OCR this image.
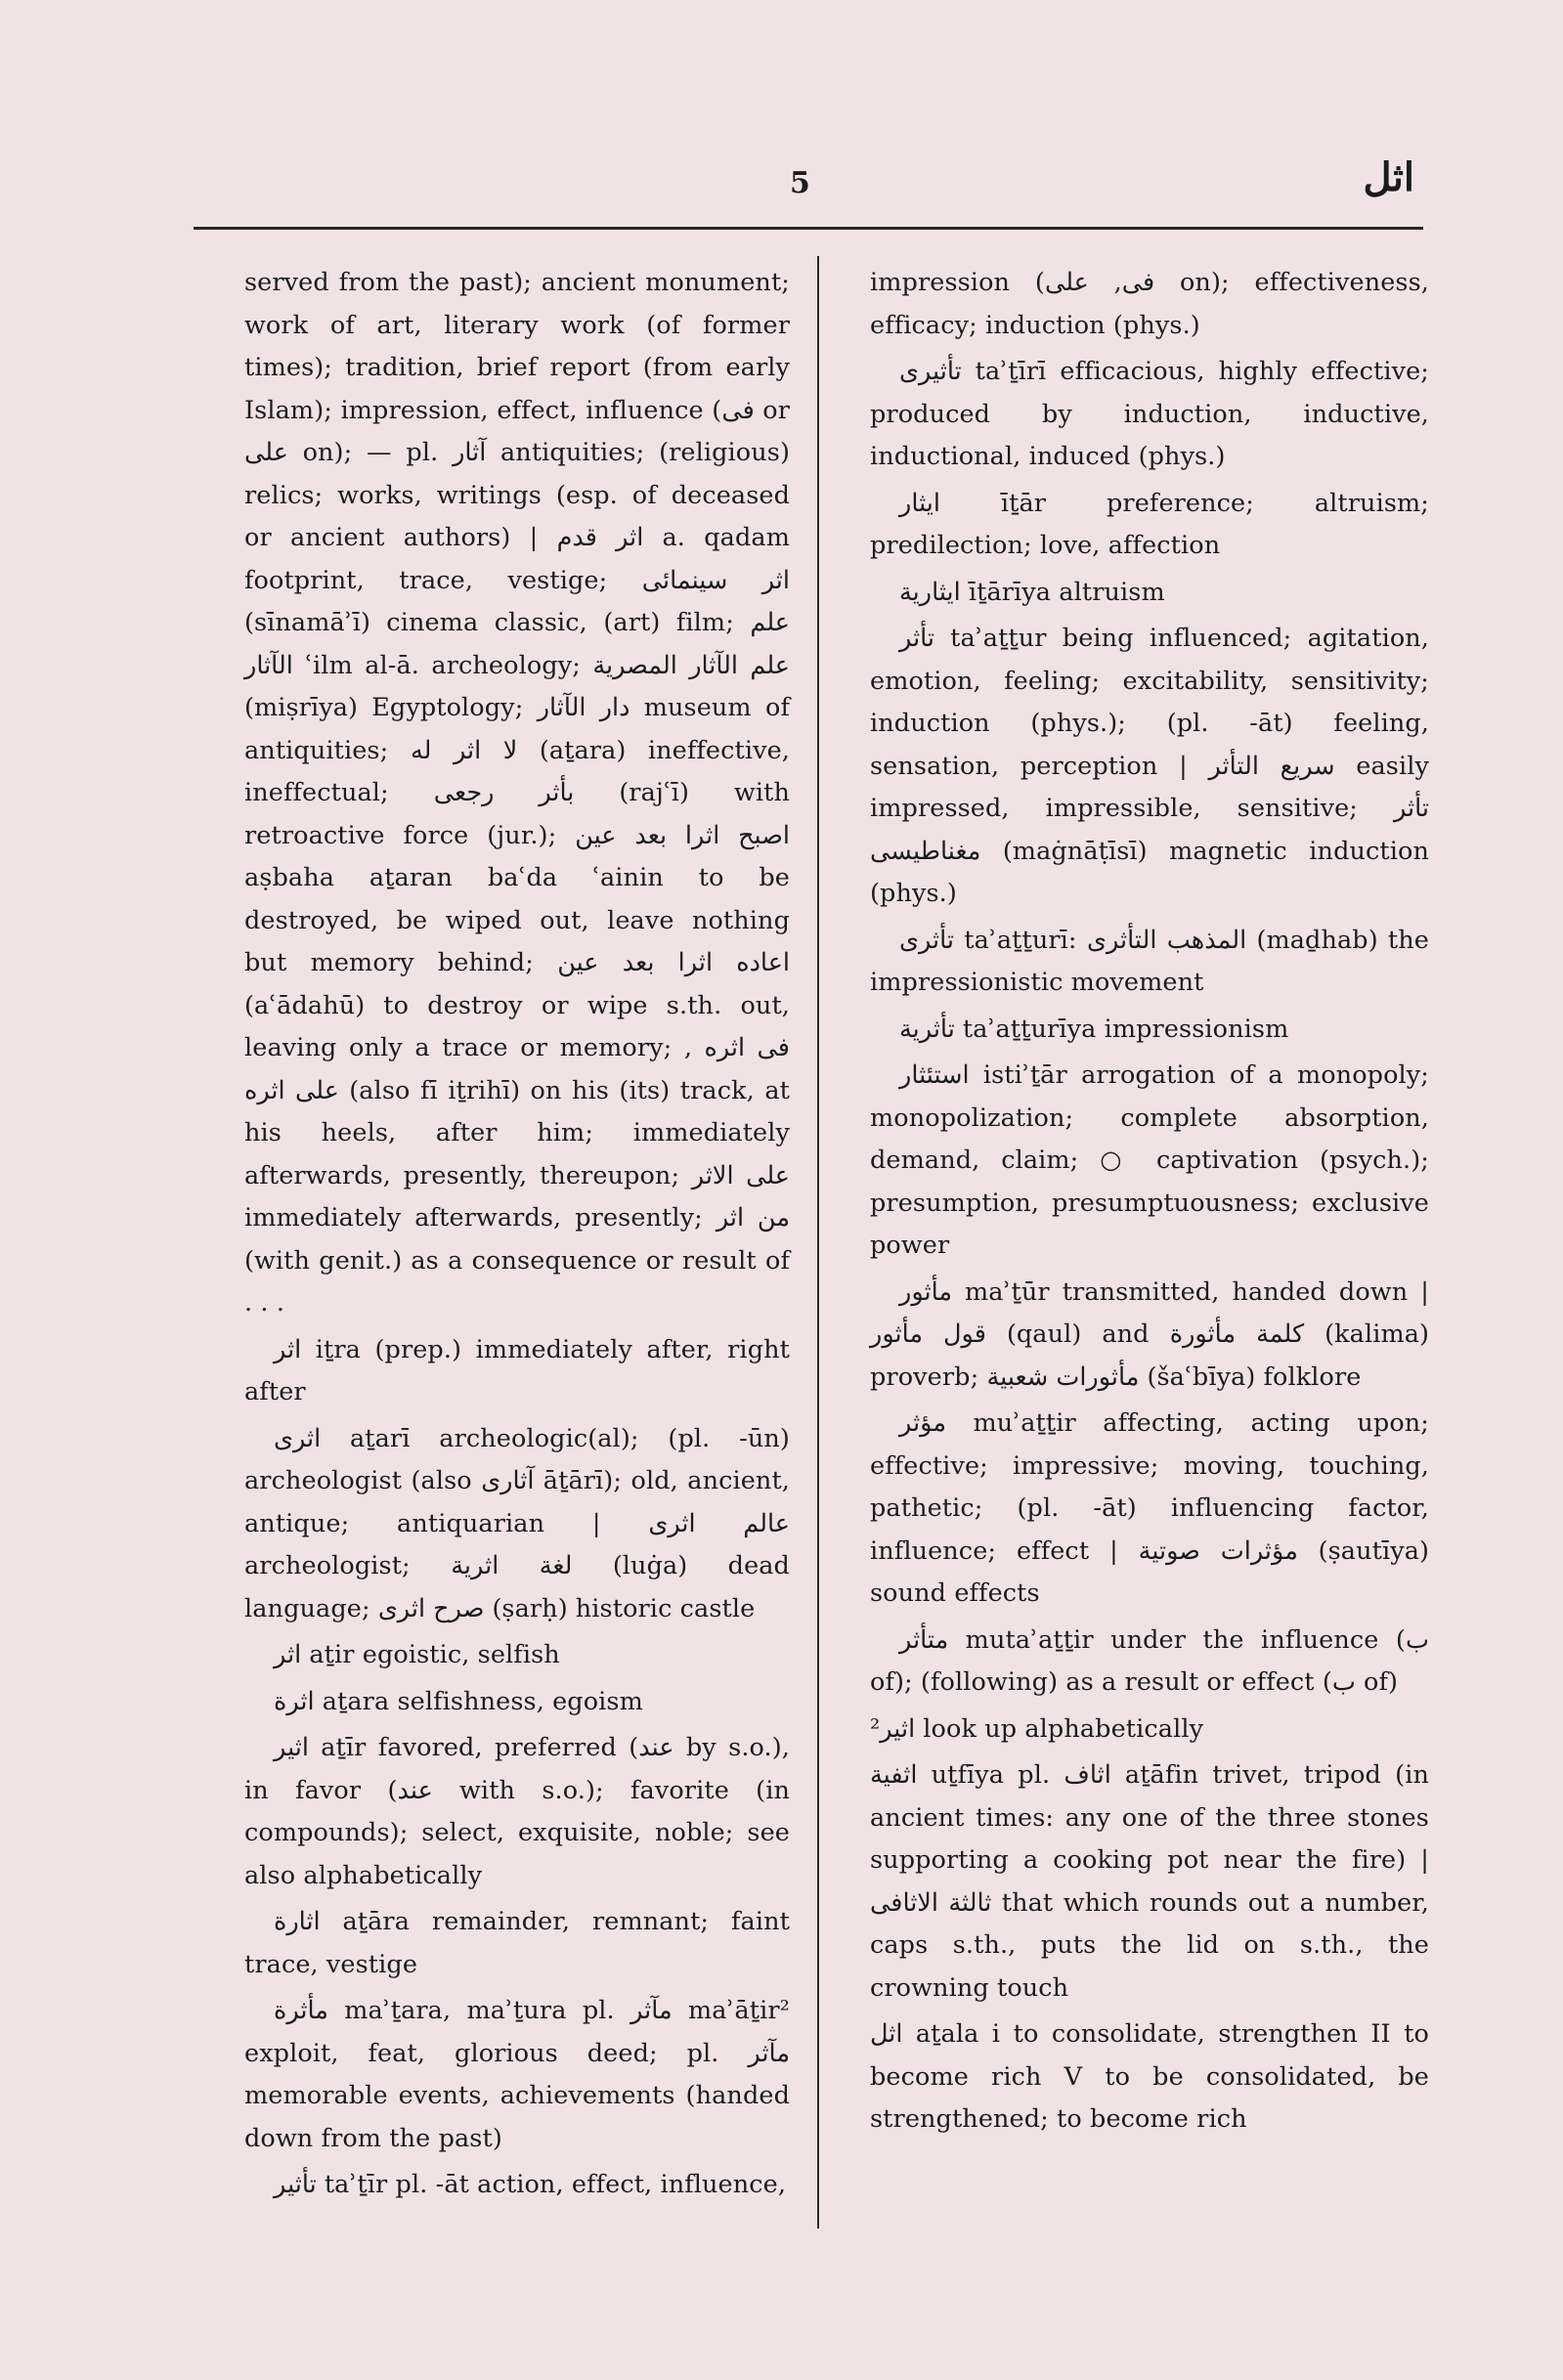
5	اثل

served from the past); ancient monument; work of art, literary work (of former times); tradition, brief report (from early Islam); impression, effect, influence (فى or على on); — pl. آثار antiquities; (religious) relics; works, writings (esp. of deceased or ancient authors) | اثر قدم a. qadam footprint, trace, vestige; اثر سينمائى (sīnamāʾī) cinema classic, (art) film; علم الآثار ʿilm al-ā. archeology; علم الآثار المصرية (miṣrīya) Egyptology; دار الآثار museum of antiquities; لا اثر له (aṯara) ineffective, ineffectual; بأثر رجعى (rajʿī) with retroactive force (jur.); اصبح اثرا بعد عين aṣbaha aṯaran baʿda ʿainin to be destroyed, be wiped out, leave nothing but memory behind; اعاده اثرا بعد عين (aʿādahū) to destroy or wipe s.th. out, leaving only a trace or memory; فى اثره , على اثره (also fī iṯrihī) on his (its) track, at his heels, after him; immediately afterwards, presently, thereupon; على الاثر immediately afterwards, presently; من اثر (with genit.) as a consequence or result of . . .

اثر iṯra (prep.) immediately after, right after

اثرى aṯarī archeologic(al); (pl. -ūn) archeologist (also آثارى āṯārī); old, ancient, antique; antiquarian | عالم اثرى archeologist; لغة اثرية (luġa) dead language; صرح اثرى (ṣarḥ) historic castle

اثر aṯir egoistic, selfish

اثرة aṯara selfishness, egoism

اثير aṯīr favored, preferred (عند by s.o.), in favor (عند with s.o.); favorite (in compounds); select, exquisite, noble; see also alphabetically

اثارة aṯāra remainder, remnant; faint trace, vestige

مأثرة maʾṯara, maʾṯura pl. مآثر maʾāṯir² exploit, feat, glorious deed; pl. مآثر memorable events, achievements (handed down from the past)

تأثير taʾṯīr pl. -āt action, effect, influence,

impression (فى, على on); effectiveness, efficacy; induction (phys.)

تأثيرى taʾṯīrī efficacious, highly effective; produced by induction, inductive, inductional, induced (phys.)

ايثار īṯār preference; altruism; predilection; love, affection

ايثارية īṯārīya altruism

تأثر taʾaṯṯur being influenced; agitation, emotion, feeling; excitability, sensitivity; induction (phys.); (pl. -āt) feeling, sensation, perception | سريع التأثر easily impressed, impressible, sensitive; تأثر مغناطيسى (maġnāṭīsī) magnetic induction (phys.)

تأثرى taʾaṯṯurī: المذهب التأثرى (maḏhab) the impressionistic movement

تأثرية taʾaṯṯurīya impressionism

استئثار istiʾṯār arrogation of a monopoly; monopolization; complete absorption, demand, claim; ○ captivation (psych.); presumption, presumptuousness; exclusive power

مأثور maʾṯūr transmitted, handed down | قول مأثور (qaul) and كلمة مأثورة (kalima) proverb; مأثورات شعبية (šaʿbīya) folklore

مؤثر muʾaṯṯir affecting, acting upon; effective; impressive; moving, touching, pathetic; (pl. -āt) influencing factor, influence; effect | مؤثرات صوتية (ṣautīya) sound effects

متأثر mutaʾaṯṯir under the influence (ب of); (following) as a result or effect (ب of)

اثير² look up alphabetically

اثفية uṯfīya pl. اثاف aṯāfin trivet, tripod (in ancient times: any one of the three stones supporting a cooking pot near the fire) | ثالثة الاثافى that which rounds out a number, caps s.th., puts the lid on s.th., the crowning touch

اثل aṯala i to consolidate, strengthen II to become rich V to be consolidated, be strengthened; to become rich
